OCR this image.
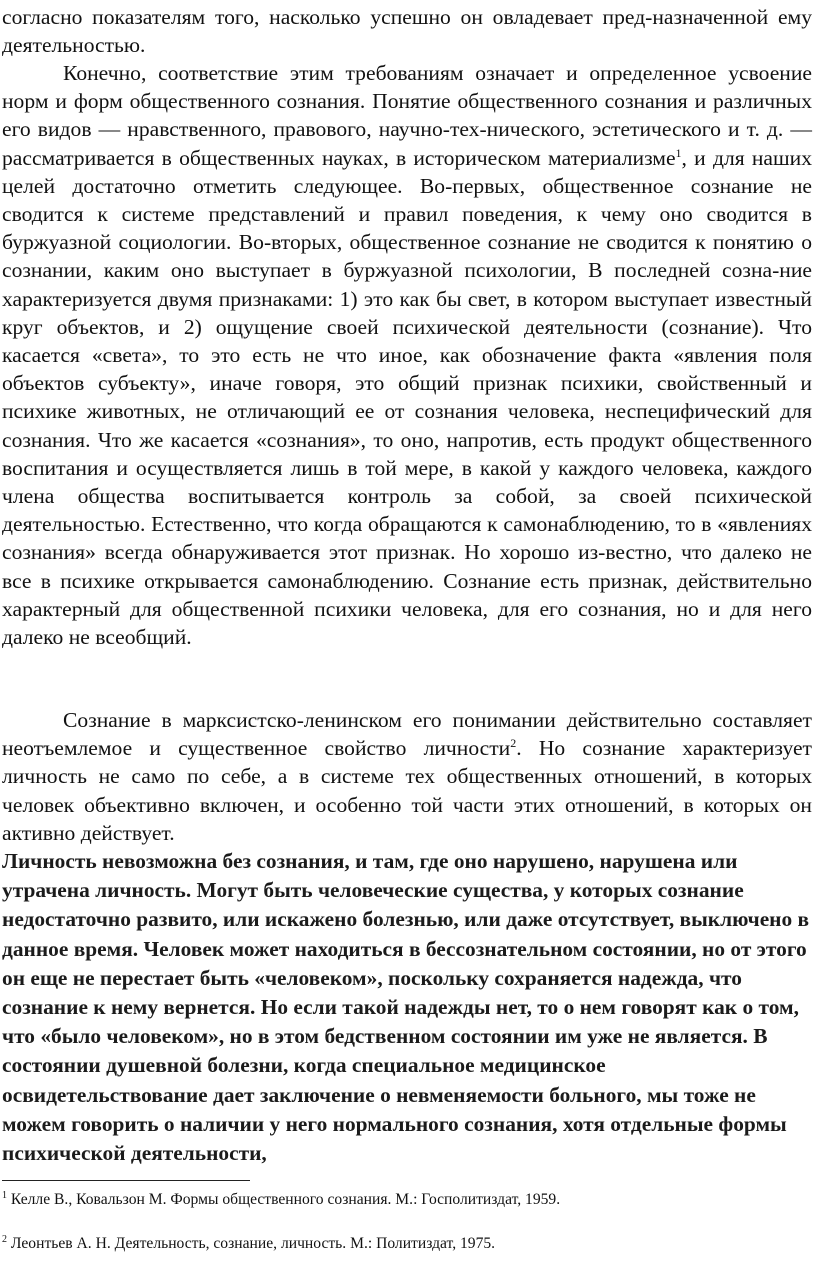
согласно показателям того, насколько успешно он овладевает пред-назначенной ему деятельностью.

Конечно, соответствие этим требованиям означает и определенное усвоение норм и форм общественного сознания. Понятие общественного сознания и различных его видов — нравственного, правового, научно-тех-нического, эстетического и т. д. — рассматривается в общественных науках, в историческом материализме$^1$, и для наших целей достаточно отметить следующее. Во-первых, общественное сознание не сводится к системе представлений и правил поведения, к чему оно сводится в буржуазной социологии. Во-вторых, общественное сознание не сводится к понятию о сознании, каким оно выступает в буржуазной психологии, В последней созна-ние характеризуется двумя признаками: 1) это как бы свет, в котором выступает известный круг объектов, и 2) ощущение своей психической деятельности (сознание). Что касается «света», то это есть не что иное, как обозначение факта «явления поля объектов субъекту», иначе говоря, это общий признак психики, свойственный и психике животных, не отличающий ее от сознания человека, неспецифический для сознания. Что же касается «сознания», то оно, напротив, есть продукт общественного воспитания и осуществляется лишь в той мере, в какой у каждого человека, каждого члена общества воспитывается контроль за собой, за своей психической деятельностью. Естественно, что когда обращаются к самонаблюдению, то в «явлениях сознания» всегда обнаруживается этот признак. Но хорошо из-вестно, что далеко не все в психике открывается самонаблюдению. Сознание есть признак, действительно характерный для общественной психики человека, для его сознания, но и для него далеко не всеобщий.

Сознание в марксистско-ленинском его понимании действительно составляет неотъемлемое и существенное свойство личности$^2$. Но сознание характеризует личность не само по себе, а в системе тех общественных отношений, в которых человек объективно включен, и особенно той части этих отношений, в которых он активно действует.

Личность невозможна без сознания, и там, где оно нарушено, нарушена или утрачена личность. Могут быть человеческие существа, у которых сознание недостаточно развито, или искажено болезнью, или даже отсутствует, выключено в данное время. Человек может находиться в бессознательном состоянии, но от этого он еще не перестает быть «человеком», поскольку сохраняется надежда, что сознание к нему вернется. Но если такой надежды нет, то о нем говорят как о том, что «было человеком», но в этом бедственном состоянии им уже не является. В состоянии душевной болезни, когда специальное медицинское освидетельствование дает заключение о невменяемости больного, мы тоже не можем говорить о наличии у него нормального сознания, хотя отдельные формы психической деятельности,

$^1$ Келле В., Ковальзон М. Формы общественного сознания. М.: Госполитиздат, 1959.

$^2$ Леонтьев А. Н. Деятельность, сознание, личность. М.: Политиздат, 1975.
